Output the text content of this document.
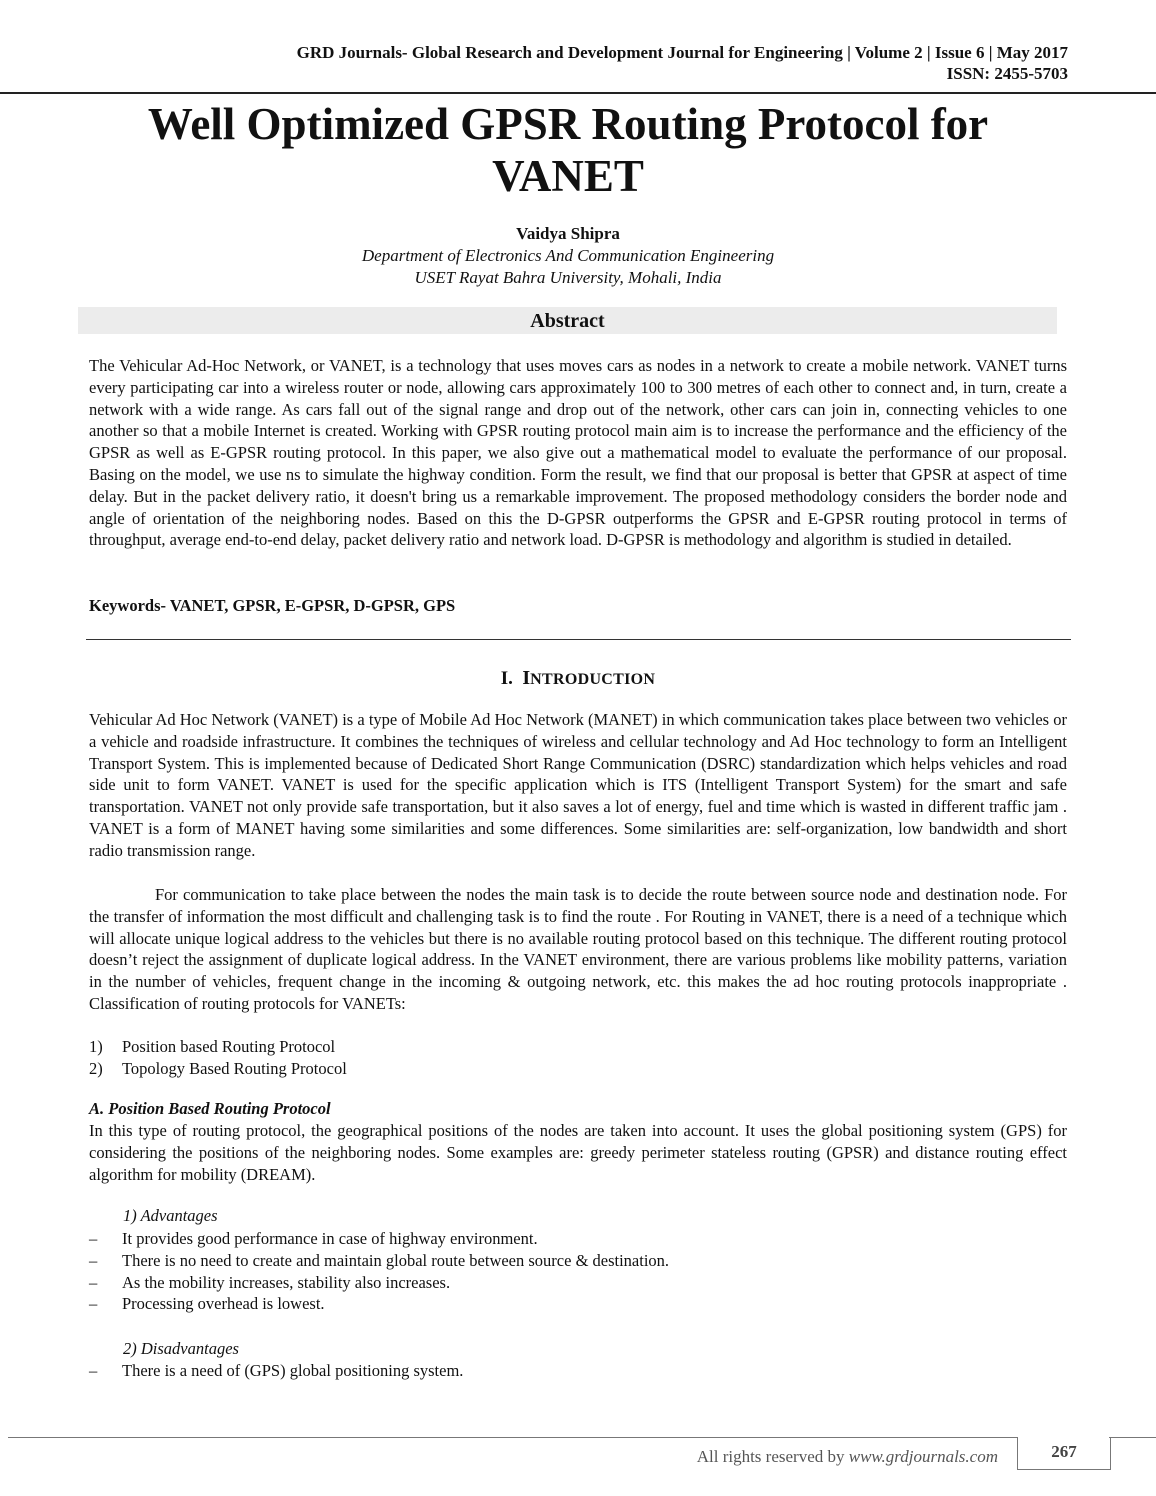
GRD Journals- Global Research and Development Journal for Engineering | Volume 2 | Issue 6 | May 2017
ISSN: 2455-5703
Well Optimized GPSR Routing Protocol for VANET
Vaidya Shipra
Department of Electronics And Communication Engineering
USET Rayat Bahra University, Mohali, India
Abstract

The Vehicular Ad-Hoc Network, or VANET, is a technology that uses moves cars as nodes in a network to create a mobile network. VANET turns every participating car into a wireless router or node, allowing cars approximately 100 to 300 metres of each other to connect and, in turn, create a network with a wide range. As cars fall out of the signal range and drop out of the network, other cars can join in, connecting vehicles to one another so that a mobile Internet is created. Working with GPSR routing protocol main aim is to increase the performance and the efficiency of the GPSR as well as E-GPSR routing protocol. In this paper, we also give out a mathematical model to evaluate the performance of our proposal. Basing on the model, we use ns to simulate the highway condition. Form the result, we find that our proposal is better that GPSR at aspect of time delay. But in the packet delivery ratio, it doesn't bring us a remarkable improvement. The proposed methodology considers the border node and angle of orientation of the neighboring nodes. Based on this the D-GPSR outperforms the GPSR and E-GPSR routing protocol in terms of throughput, average end-to-end delay, packet delivery ratio and network load. D-GPSR is methodology and algorithm is studied in detailed.

Keywords- VANET, GPSR, E-GPSR, D-GPSR, GPS
I. INTRODUCTION

Vehicular Ad Hoc Network (VANET) is a type of Mobile Ad Hoc Network (MANET) in which communication takes place between two vehicles or a vehicle and roadside infrastructure. It combines the techniques of wireless and cellular technology and Ad Hoc technology to form an Intelligent Transport System. This is implemented because of Dedicated Short Range Communication (DSRC) standardization which helps vehicles and road side unit to form VANET. VANET is used for the specific application which is ITS (Intelligent Transport System) for the smart and safe transportation. VANET not only provide safe transportation, but it also saves a lot of energy, fuel and time which is wasted in different traffic jam . VANET is a form of MANET having some similarities and some differences. Some similarities are: self-organization, low bandwidth and short radio transmission range.

For communication to take place between the nodes the main task is to decide the route between source node and destination node. For the transfer of information the most difficult and challenging task is to find the route . For Routing in VANET, there is a need of a technique which will allocate unique logical address to the vehicles but there is no available routing protocol based on this technique. The different routing protocol doesn’t reject the assignment of duplicate logical address. In the VANET environment, there are various problems like mobility patterns, variation in the number of vehicles, frequent change in the incoming & outgoing network, etc. this makes the ad hoc routing protocols inappropriate . Classification of routing protocols for VANETs:

1) Position based Routing Protocol
2) Topology Based Routing Protocol
A. Position Based Routing Protocol

In this type of routing protocol, the geographical positions of the nodes are taken into account. It uses the global positioning system (GPS) for considering the positions of the neighboring nodes. Some examples are: greedy perimeter stateless routing (GPSR) and distance routing effect algorithm for mobility (DREAM).

1) Advantages
– It provides good performance in case of highway environment.
– There is no need to create and maintain global route between source & destination.
– As the mobility increases, stability also increases.
– Processing overhead is lowest.
2) Disadvantages
– There is a need of (GPS) global positioning system.
All rights reserved by www.grdjournals.com	267
